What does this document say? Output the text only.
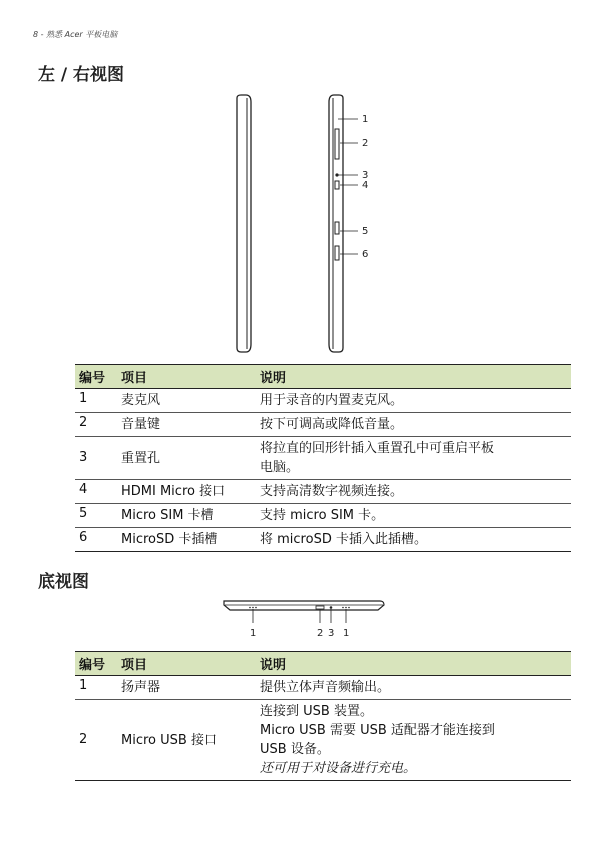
8 - 熟悉 Acer 平板电脑
左 / 右视图
1
2
3
4
5
6
编号	项目	说明
1	麦克风	用于录音的内置麦克风。

2	音量键	按下可调高或降低音量。

3	重置孔	将拉直的回形针插入重置孔中可重启平板
电脑。

4	HDMI Micro 接口	支持高清数字视频连接。

5	Micro SIM 卡槽	支持 micro SIM 卡。

6	MicroSD 卡插槽	将 microSD 卡插入此插槽。
底视图
1	2 3 1
编号	项目	说明
1	扬声器	提供立体声音频输出。

2	Micro USB 接口	连接到 USB 装置。
Micro USB 需要 USB 适配器才能连接到
USB 设备。
还可用于对设备进行充电。
